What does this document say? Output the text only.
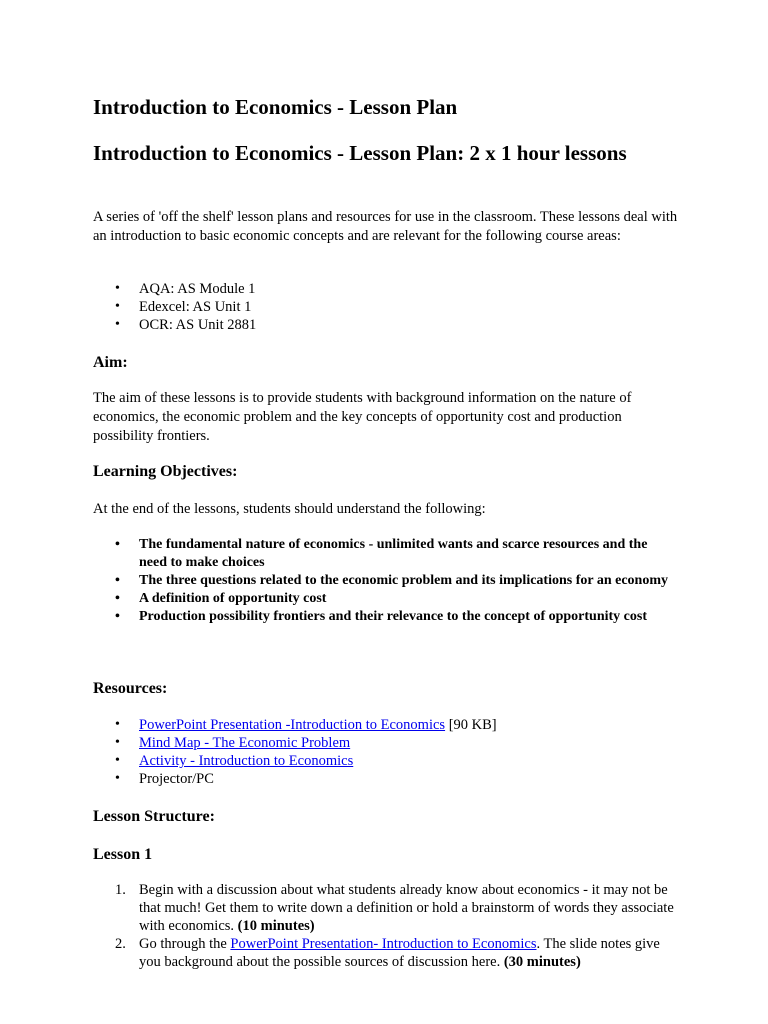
Introduction to Economics - Lesson Plan
Introduction to Economics - Lesson Plan: 2 x 1 hour lessons

A series of 'off the shelf' lesson plans and resources for use in the classroom. These lessons deal with an introduction to basic economic concepts and are relevant for the following course areas:

• AQA: AS Module 1
• Edexcel: AS Unit 1
• OCR: AS Unit 2881
Aim:

The aim of these lessons is to provide students with background information on the nature of economics, the economic problem and the key concepts of opportunity cost and production possibility frontiers.

Learning Objectives:

At the end of the lessons, students should understand the following:

• The fundamental nature of economics - unlimited wants and scarce resources and the need to make choices
• The three questions related to the economic problem and its implications for an economy
• A definition of opportunity cost
• Production possibility frontiers and their relevance to the concept of opportunity cost
Resources:
• PowerPoint Presentation -Introduction to Economics [90 KB]
• Mind Map - The Economic Problem
• Activity - Introduction to Economics
• Projector/PC
Lesson Structure:
Lesson 1
1. Begin with a discussion about what students already know about economics - it may not be that much! Get them to write down a definition or hold a brainstorm of words they associate with economics. (10 minutes)
2. Go through the PowerPoint Presentation- Introduction to Economics. The slide notes give you background about the possible sources of discussion here. (30 minutes)
